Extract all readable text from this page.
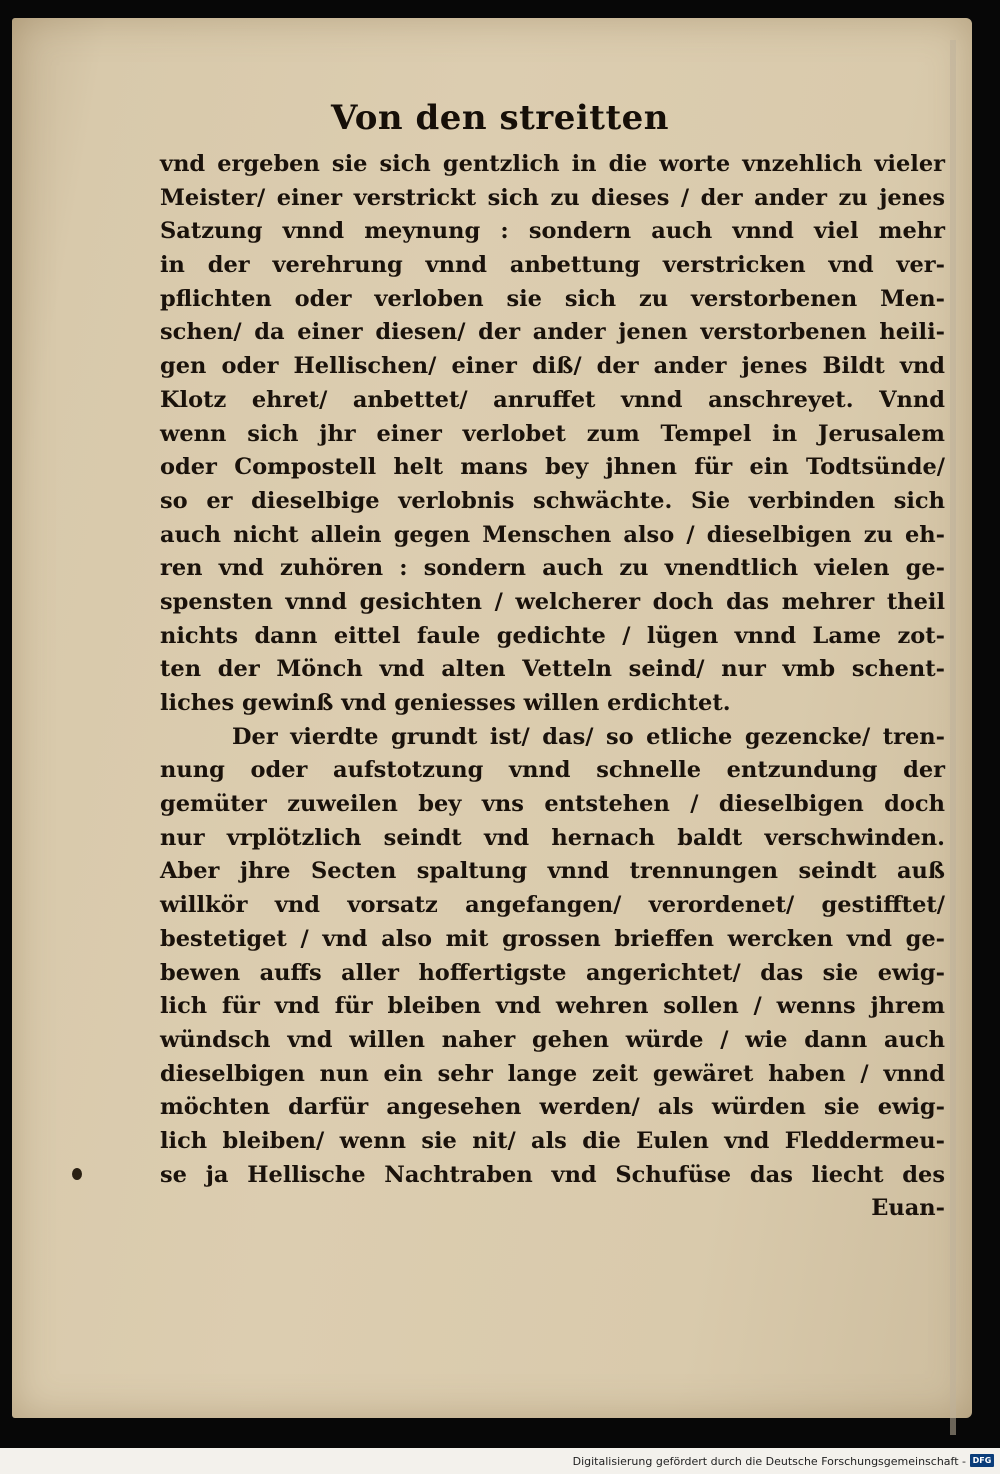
Von den streitten
vnd ergeben sie sich gentzlich in die worte vnzehlich vieler
Meister/ einer verstrickt sich zu dieses / der ander zu jenes
Satzung vnnd meynung : sondern auch vnnd viel mehr
in der verehrung vnnd anbettung verstricken vnd ver-
pflichten oder verloben sie sich zu verstorbenen Men-
schen/ da einer diesen/ der ander jenen verstorbenen heili-
gen oder Hellischen/ einer diß/ der ander jenes Bildt vnd
Klotz ehret/ anbettet/ anruffet vnnd anschreyet. Vnnd
wenn sich jhr einer verlobet zum Tempel in Jerusalem
oder Compostell helt mans bey jhnen für ein Todtsünde/
so er dieselbige verlobnis schwächte. Sie verbinden sich
auch nicht allein gegen Menschen also / dieselbigen zu eh-
ren vnd zuhören : sondern auch zu vnendtlich vielen ge-
spensten vnnd gesichten / welcherer doch das mehrer theil
nichts dann eittel faule gedichte / lügen vnnd Lame zot-
ten der Mönch vnd alten Vetteln seind/ nur vmb schent-
liches gewinß vnd geniesses willen erdichtet.
Der vierdte grundt ist/ das/ so etliche gezencke/ tren-
nung oder aufstotzung vnnd schnelle entzundung der
gemüter zuweilen bey vns entstehen / dieselbigen doch
nur vrplötzlich seindt vnd hernach baldt verschwinden.
Aber jhre Secten spaltung vnnd trennungen seindt auß
willkör vnd vorsatz angefangen/ verordenet/ gestifftet/
bestetiget / vnd also mit grossen brieffen wercken vnd ge-
bewen auffs aller hoffertigste angerichtet/ das sie ewig-
lich für vnd für bleiben vnd wehren sollen / wenns jhrem
wündsch vnd willen naher gehen würde / wie dann auch
dieselbigen nun ein sehr lange zeit gewäret haben / vnnd
möchten darfür angesehen werden/ als würden sie ewig-
lich bleiben/ wenn sie nit/ als die Eulen vnd Fleddermeu-
se ja Hellische Nachtraben vnd Schufüse das liecht des
Euan-
Digitalisierung gefördert durch die Deutsche Forschungsgemeinschaft - DFG
